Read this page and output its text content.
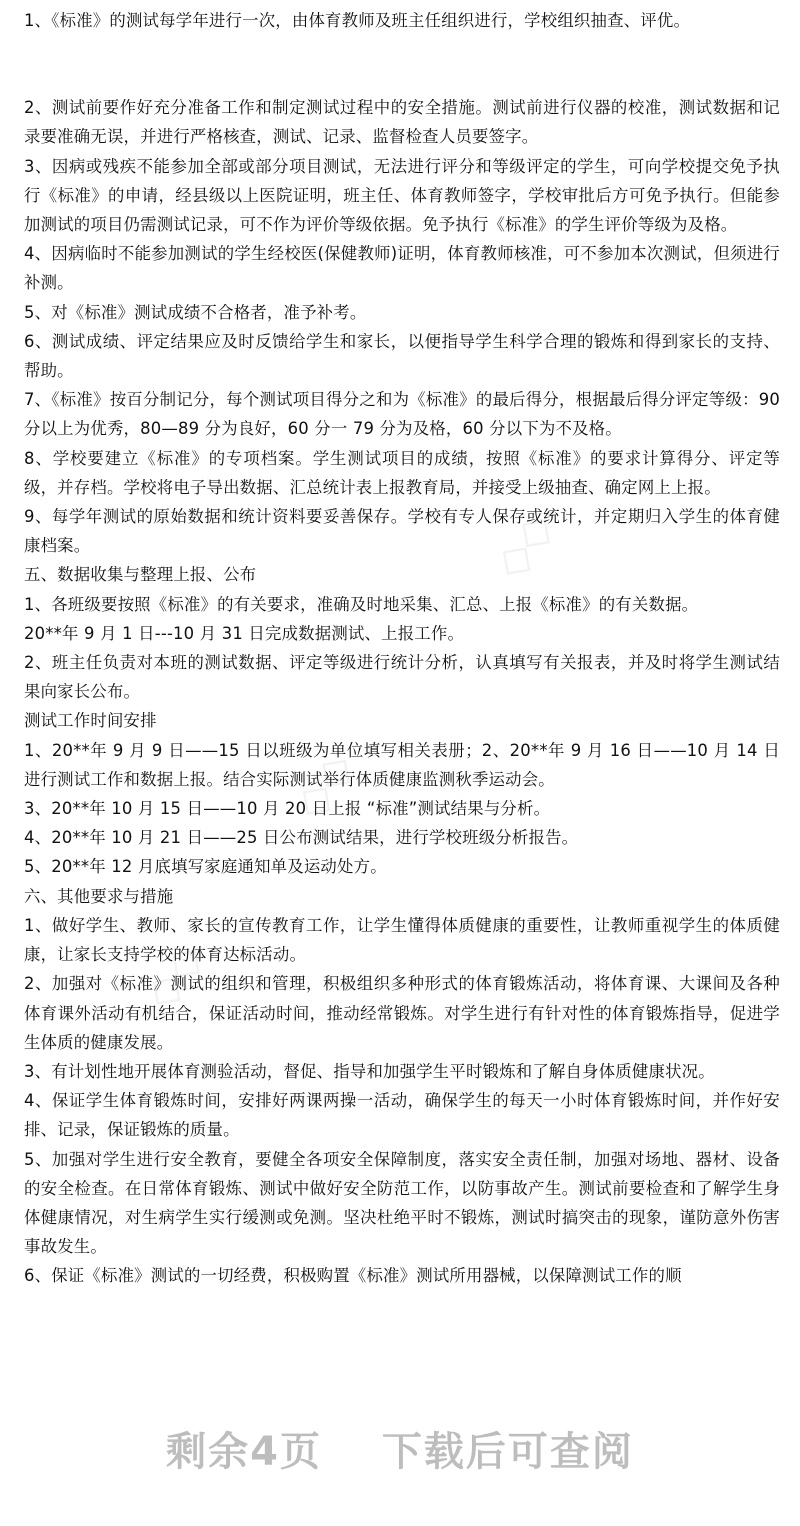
1、《标准》的测试每学年进行一次，由体育教师及班主任组织进行，学校组织抽查、评优。

2、测试前要作好充分准备工作和制定测试过程中的安全措施。测试前进行仪器的校准，测试数据和记录要准确无误，并进行严格核查，测试、记录、监督检查人员要签字。

3、因病或残疾不能参加全部或部分项目测试，无法进行评分和等级评定的学生，可向学校提交免予执行《标准》的申请，经县级以上医院证明，班主任、体育教师签字，学校审批后方可免予执行。但能参加测试的项目仍需测试记录，可不作为评价等级依据。免予执行《标准》的学生评价等级为及格。

4、因病临时不能参加测试的学生经校医(保健教师)证明，体育教师核准，可不参加本次测试，但须进行补测。

5、对《标准》测试成绩不合格者，准予补考。

6、测试成绩、评定结果应及时反馈给学生和家长，以便指导学生科学合理的锻炼和得到家长的支持、帮助。

7、《标准》按百分制记分，每个测试项目得分之和为《标准》的最后得分，根据最后得分评定等级：90 分以上为优秀，80—89 分为良好，60 分一 79 分为及格，60 分以下为不及格。

8、学校要建立《标准》的专项档案。学生测试项目的成绩，按照《标准》的要求计算得分、评定等级，并存档。学校将电子导出数据、汇总统计表上报教育局，并接受上级抽查、确定网上上报。

9、每学年测试的原始数据和统计资料要妥善保存。学校有专人保存或统计，并定期归入学生的体育健康档案。

五、数据收集与整理上报、公布

1、各班级要按照《标准》的有关要求，准确及时地采集、汇总、上报《标准》的有关数据。

20**年 9 月 1 日---10 月 31 日完成数据测试、上报工作。

2、班主任负责对本班的测试数据、评定等级进行统计分析，认真填写有关报表，并及时将学生测试结果向家长公布。

测试工作时间安排

1、20**年 9 月 9 日——15 日以班级为单位填写相关表册；2、20**年 9 月 16 日——10 月 14 日进行测试工作和数据上报。结合实际测试举行体质健康监测秋季运动会。

3、20**年 10 月 15 日——10 月 20 日上报 “标准”测试结果与分析。

4、20**年 10 月 21 日——25 日公布测试结果，进行学校班级分析报告。

5、20**年 12 月底填写家庭通知单及运动处方。

六、其他要求与措施

1、做好学生、教师、家长的宣传教育工作，让学生懂得体质健康的重要性，让教师重视学生的体质健康，让家长支持学校的体育达标活动。

2、加强对《标准》测试的组织和管理，积极组织多种形式的体育锻炼活动，将体育课、大课间及各种体育课外活动有机结合，保证活动时间，推动经常锻炼。对学生进行有针对性的体育锻炼指导，促进学生体质的健康发展。

3、有计划性地开展体育测验活动，督促、指导和加强学生平时锻炼和了解自身体质健康状况。

4、保证学生体育锻炼时间，安排好两课两操一活动，确保学生的每天一小时体育锻炼时间，并作好安排、记录，保证锻炼的质量。

5、加强对学生进行安全教育，要健全各项安全保障制度，落实安全责任制，加强对场地、器材、设备的安全检查。在日常体育锻炼、测试中做好安全防范工作，以防事故产生。测试前要检查和了解学生身体健康情况，对生病学生实行缓测或免测。坚决杜绝平时不锻炼，测试时搞突击的现象，谨防意外伤害事故发生。

6、保证《标准》测试的一切经费，积极购置《标准》测试所用器械，以保障测试工作的顺

◇◇
◇◇
◇◇
剩余4页 下载后可查阅
